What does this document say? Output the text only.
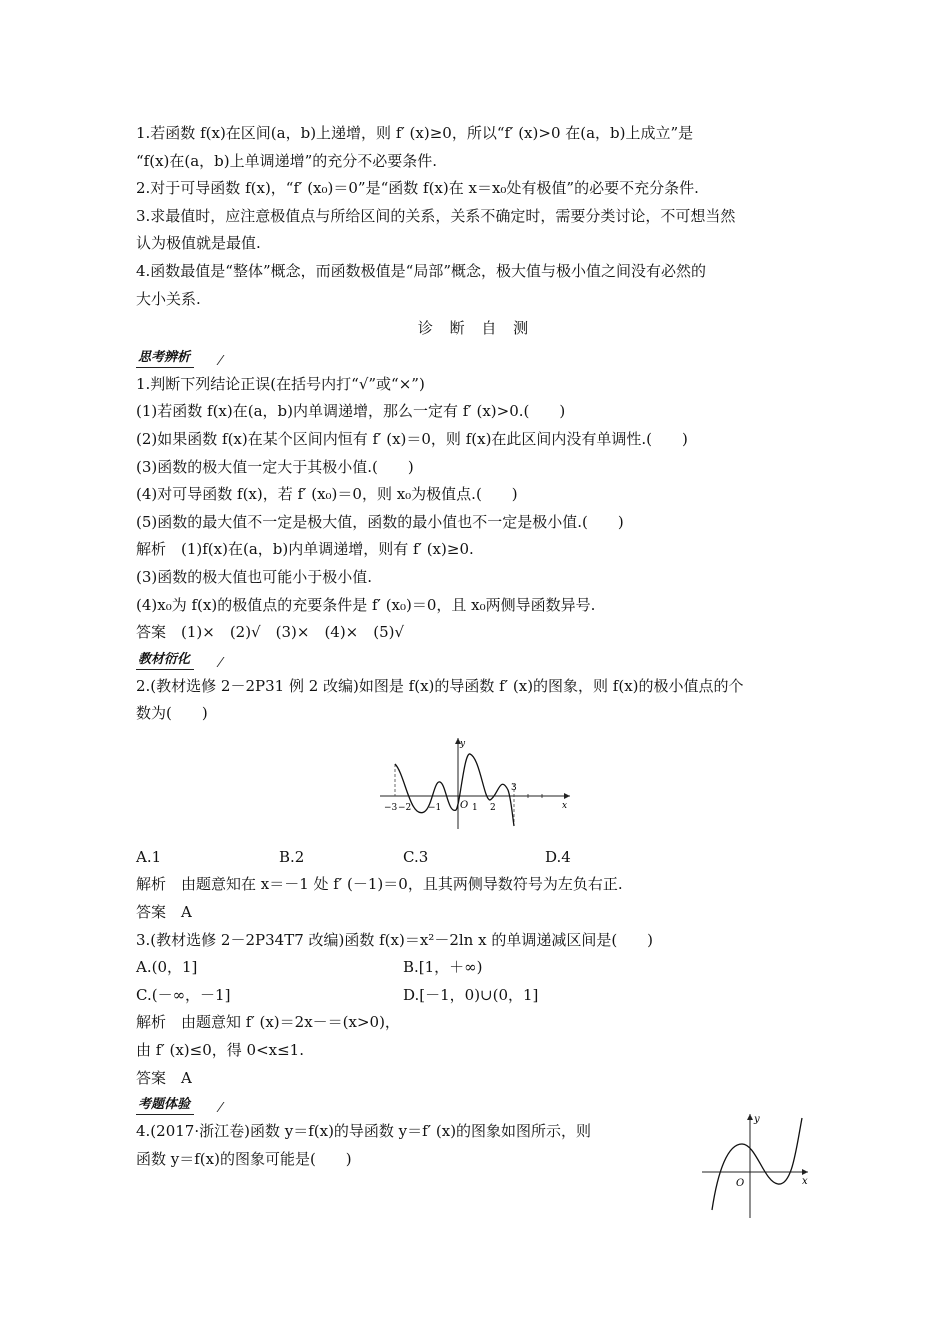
1.若函数 f(x)在区间(a，b)上递增，则 f′ (x)≥0，所以“f′ (x)>0 在(a，b)上成立”是
“f(x)在(a，b)上单调递增”的充分不必要条件.
2.对于可导函数 f(x)，“f′ (x₀)＝0”是“函数 f(x)在 x＝x₀处有极值”的必要不充分条件.
3.求最值时，应注意极值点与所给区间的关系，关系不确定时，需要分类讨论，不可想当然
认为极值就是最值.
4.函数最值是“整体”概念，而函数极值是“局部”概念，极大值与极小值之间没有必然的
大小关系.
诊 断 自 测
思考辨析
1.判断下列结论正误(在括号内打“√”或“×”)
(1)若函数 f(x)在(a，b)内单调递增，那么一定有 f′ (x)>0.(　　)
(2)如果函数 f(x)在某个区间内恒有 f′ (x)＝0，则 f(x)在此区间内没有单调性.(　　)
(3)函数的极大值一定大于其极小值.(　　)
(4)对可导函数 f(x)，若 f′ (x₀)＝0，则 x₀为极值点.(　　)
(5)函数的最大值不一定是极大值，函数的最小值也不一定是极小值.(　　)
解析　(1)f(x)在(a，b)内单调递增，则有 f′ (x)≥0.
(3)函数的极大值也可能小于极小值.
(4)x₀为 f(x)的极值点的充要条件是 f′ (x₀)＝0，且 x₀两侧导函数异号.
答案　(1)×　(2)√　(3)×　(4)×　(5)√
教材衍化
2.(教材选修 2－2P31 例 2 改编)如图是 f(x)的导函数 f′ (x)的图象，则 f(x)的极小值点的个
数为(　　)
y
x
O
−3 −2 −1	1 2
3
A.1	B.2	C.3	D.4
解析　由题意知在 x＝－1 处 f′ (－1)＝0，且其两侧导数符号为左负右正.
答案　A
3.(教材选修 2－2P34T7 改编)函数 f(x)＝x²－2ln x 的单调递减区间是(　　)
A.(0，1]	B.[1，＋∞)
C.(－∞，－1]	D.[－1，0)∪(0，1]
解析　由题意知 f′ (x)＝2x－＝(x>0)，
由 f′ (x)≤0，得 0<x≤1.
答案　A
考题体验
4.(2017·浙江卷)函数 y＝f(x)的导函数 y＝f′ (x)的图象如图所示，则
函数 y＝f(x)的图象可能是(　　)
y
x
O
